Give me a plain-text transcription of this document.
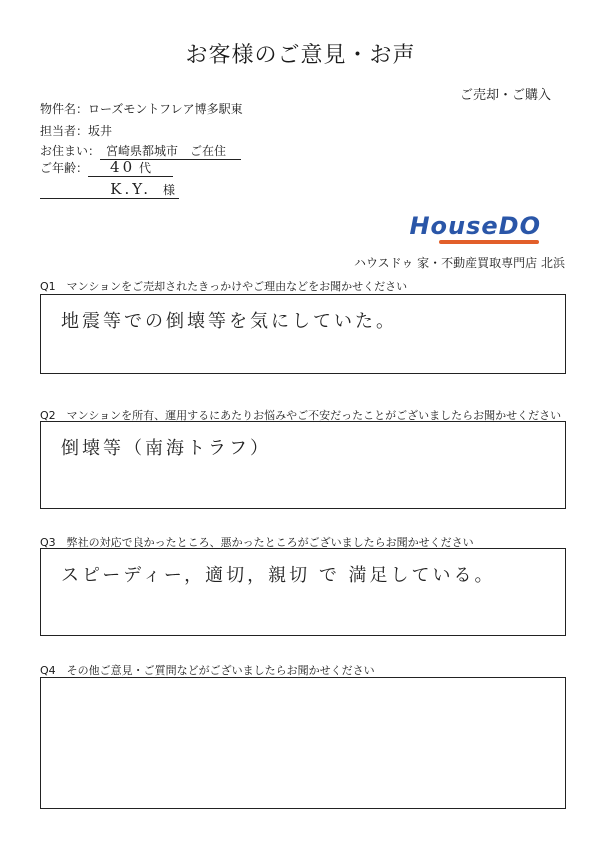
お客様のご意見・お声
ご売却・ご購入
物件名：ローズモントフレア博多駅東
担当者：坂井
お住まい： 宮崎県都城市　ご在住
ご年齢： 40 代
K.Y.　 様
HouseDO
ハウスドゥ 家・不動産買取専門店 北浜
Q1　マンションをご売却されたきっかけやご理由などをお聞かせください
地震等での倒壊等を気にしていた。
Q2　マンションを所有、運用するにあたりお悩みやご不安だったことがございましたらお聞かせください
倒壊等（南海トラフ）
Q3　弊社の対応で良かったところ、悪かったところがございましたらお聞かせください
スピーディー，適切，親切 で 満足している。
Q4　その他ご意見・ご質問などがございましたらお聞かせください
